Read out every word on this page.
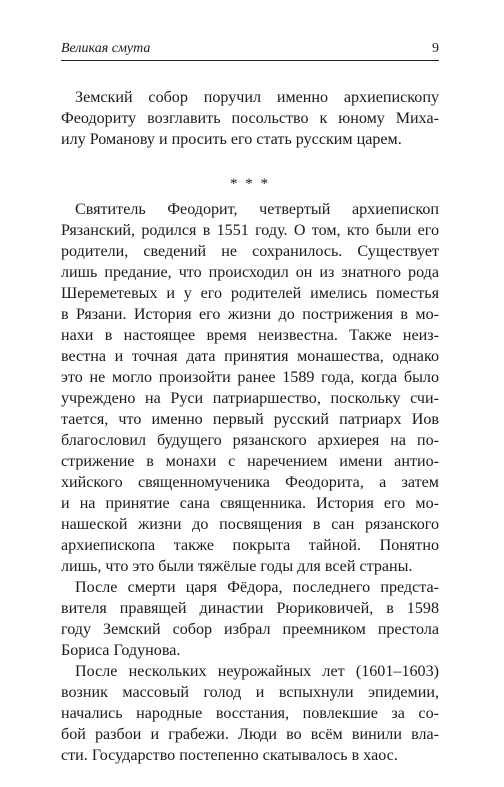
Великая смута	9

Земский собор поручил именно архиепископу
Феодориту возглавить посольство к юному Миха-
илу Романову и просить его стать русским царем.

* * *

Святитель Феодорит, четвертый архиепископ
Рязанский, родился в 1551 году. О том, кто были его
родители, сведений не сохранилось. Существует
лишь предание, что происходил он из знатного рода
Шереметевых и у его родителей имелись поместья
в Рязани. История его жизни до пострижения в мо-
нахи в настоящее время неизвестна. Также неиз-
вестна и точная дата принятия монашества, однако
это не могло произойти ранее 1589 года, когда было
учреждено на Руси патриаршество, поскольку счи-
тается, что именно первый русский патриарх Иов
благословил будущего рязанского архиерея на по-
стрижение в монахи с наречением имени антио-
хийского священномученика Феодорита, а затем
и на принятие сана священника. История его мо-
нашеской жизни до посвящения в сан рязанского
архиепископа также покрыта тайной. Понятно
лишь, что это были тяжёлые годы для всей страны.

После смерти царя Фёдора, последнего предста-
вителя правящей династии Рюриковичей, в 1598
году Земский собор избрал преемником престола
Бориса Годунова.

После нескольких неурожайных лет (1601–1603)
возник массовый голод и вспыхнули эпидемии,
начались народные восстания, повлекшие за со-
бой разбои и грабежи. Люди во всём винили вла-
сти. Государство постепенно скатывалось в хаос.
